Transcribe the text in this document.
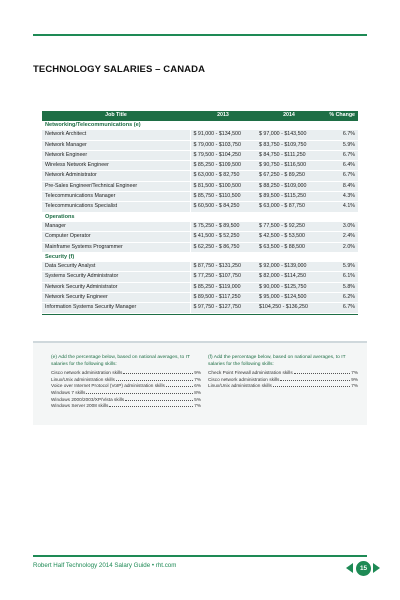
TECHNOLOGY SALARIES – CANADA
Job Title	2013	2014	% Change
Networking/Telecommunications (e)			
Network Architect	$ 91,000 - $134,500	$ 97,000 - $143,500	6.7%
Network Manager	$ 79,000 - $103,750	$ 83,750 - $109,750	5.9%
Network Engineer	$ 79,500 - $104,250	$ 84,750 - $111,250	6.7%
Wireless Network Engineer	$ 85,250 - $109,500	$ 90,750 - $116,500	6.4%
Network Administrator	$ 63,000 - $ 82,750	$ 67,250 - $ 89,250	6.7%
Pre-Sales Engineer/Technical Engineer	$ 81,500 - $100,500	$ 88,250 - $109,000	8.4%
Telecommunications Manager	$ 85,750 - $110,500	$ 89,500 - $115,250	4.3%
Telecommunications Specialist	$ 60,500 - $ 84,250	$ 63,000 - $ 87,750	4.1%
Operations			
Manager	$ 75,250 - $ 89,500	$ 77,500 - $ 92,250	3.0%
Computer Operator	$ 41,500 - $ 52,250	$ 42,500 - $ 53,500	2.4%
Mainframe Systems Programmer	$ 62,250 - $ 86,750	$ 63,500 - $ 88,500	2.0%
Security (f)			
Data Security Analyst	$ 87,750 - $131,250	$ 92,000 - $139,000	5.9%
Systems Security Administrator	$ 77,250 - $107,750	$ 82,000 - $114,250	6.1%
Network Security Administrator	$ 85,250 - $119,000	$ 90,000 - $125,750	5.8%
Network Security Engineer	$ 89,500 - $117,250	$ 95,000 - $124,500	6.2%
Information Systems Security Manager	$ 97,750 - $127,750	$104,250 - $136,250	6.7%

(e) Add the percentage below, based on national averages, to IT salaries for the following skills:
Cisco network administration skills	9%
Linux/Unix administration skills	7%
Voice over Internet Protocol (VoIP) administration skills	6%
Windows 7 skills	8%
Windows 2000/2003/XP/Vista skills	5%
Windows Server 2008 skills	7%
(f) Add the percentage below, based on national averages, to IT salaries for the following skills:
Check Point Firewall administration skills	7%
Cisco network administration skills	9%
Linux/Unix administration skills	7%
Robert Half Technology 2014 Salary Guide • rht.com	15
